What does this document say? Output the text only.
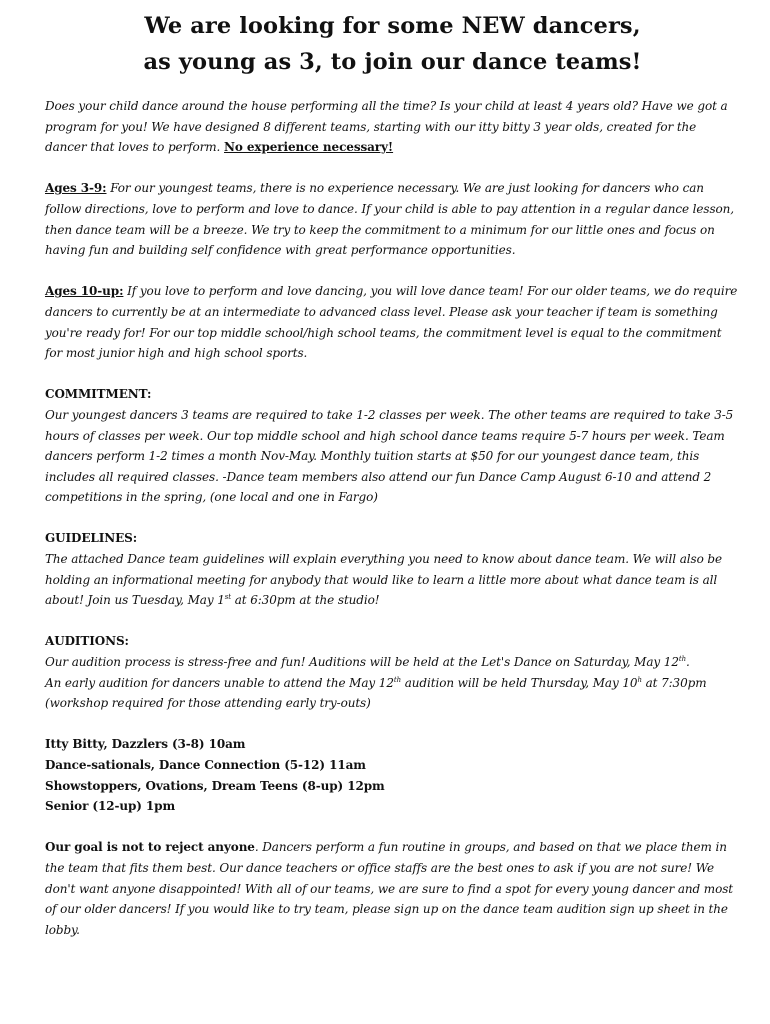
We are looking for some NEW dancers,
as young as 3, to join our dance teams!

Does your child dance around the house performing all the time? Is your child at least 4 years old? Have we got a program for you! We have designed 8 different teams, starting with our itty bitty 3 year olds, created for the dancer that loves to perform. No experience necessary!

Ages 3-9: For our youngest teams, there is no experience necessary. We are just looking for dancers who can follow directions, love to perform and love to dance. If your child is able to pay attention in a regular dance lesson, then dance team will be a breeze. We try to keep the commitment to a minimum for our little ones and focus on having fun and building self confidence with great performance opportunities.

Ages 10-up: If you love to perform and love dancing, you will love dance team! For our older teams, we do require dancers to currently be at an intermediate to advanced class level. Please ask your teacher if team is something you're ready for! For our top middle school/high school teams, the commitment level is equal to the commitment for most junior high and high school sports.

COMMITMENT:
Our youngest dancers 3 teams are required to take 1-2 classes per week. The other teams are required to take 3-5 hours of classes per week. Our top middle school and high school dance teams require 5-7 hours per week. Team dancers perform 1-2 times a month Nov-May. Monthly tuition starts at $50 for our youngest dance team, this includes all required classes. -Dance team members also attend our fun Dance Camp August 6-10 and attend 2 competitions in the spring, (one local and one in Fargo)

GUIDELINES:
The attached Dance team guidelines will explain everything you need to know about dance team. We will also be holding an informational meeting for anybody that would like to learn a little more about what dance team is all about! Join us Tuesday, May 1st at 6:30pm at the studio!

AUDITIONS:
Our audition process is stress-free and fun! Auditions will be held at the Let's Dance on Saturday, May 12th.
An early audition for dancers unable to attend the May 12th audition will be held Thursday, May 10$^h$ at 7:30pm
(workshop required for those attending early try-outs)

Itty Bitty, Dazzlers (3-8) 10am
Dance-sationals, Dance Connection (5-12) 11am
Showstoppers, Ovations, Dream Teens (8-up) 12pm
Senior (12-up) 1pm

Our goal is not to reject anyone. Dancers perform a fun routine in groups, and based on that we place them in the team that fits them best. Our dance teachers or office staffs are the best ones to ask if you are not sure! We don't want anyone disappointed! With all of our teams, we are sure to find a spot for every young dancer and most of our older dancers! If you would like to try team, please sign up on the dance team audition sign up sheet in the lobby.
